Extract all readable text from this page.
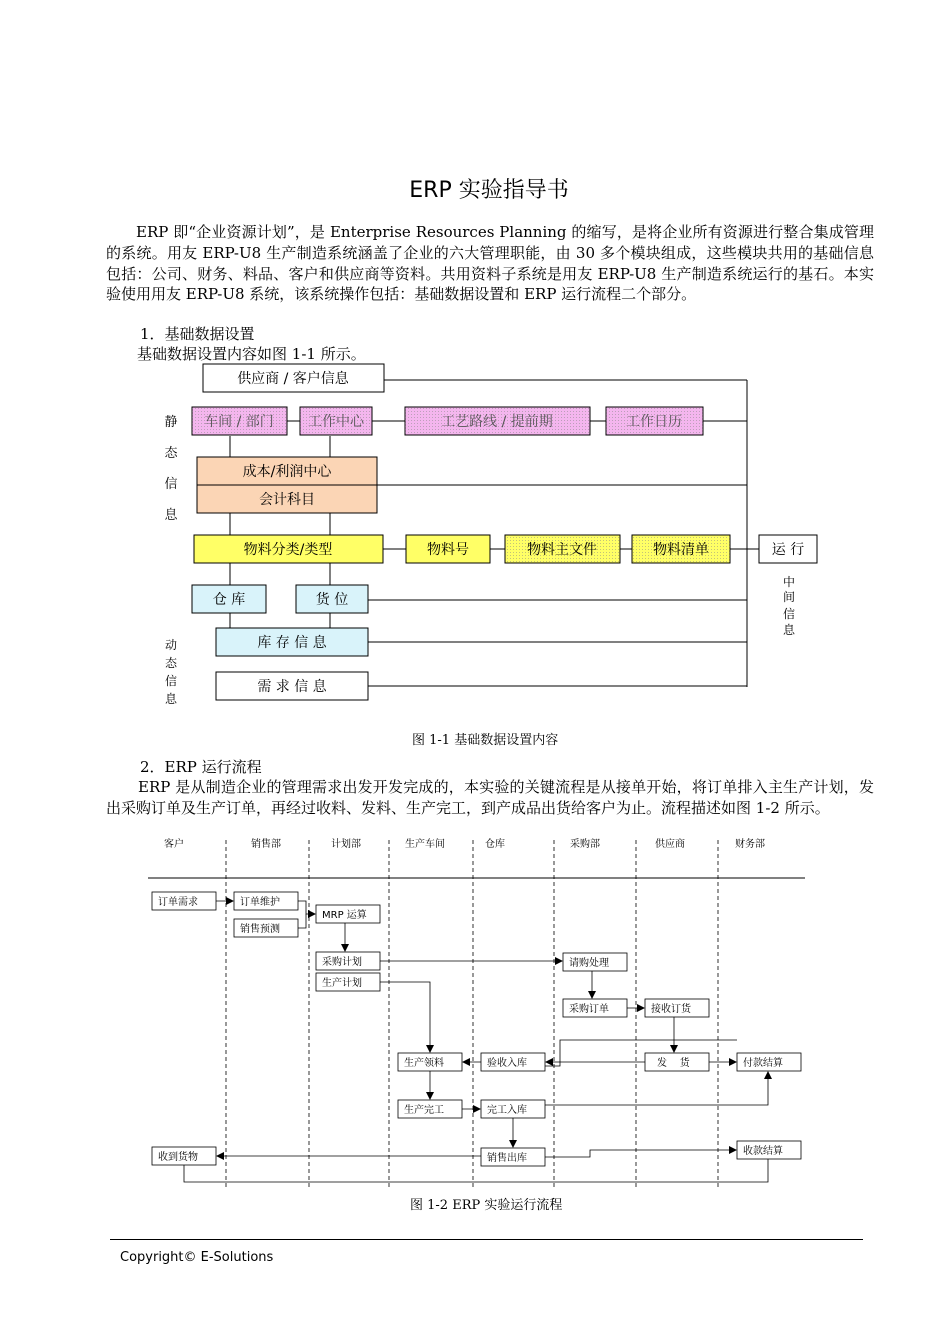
ERP 实验指导书
ERP 即“企业资源计划”，是 Enterprise Resources Planning 的缩写，是将企业所有资源进行整合集成管理的系统。用友 ERP-U8 生产制造系统涵盖了企业的六大管理职能，由 30 多个模块组成，这些模块共用的基础信息包括：公司、财务、料品、客户和供应商等资料。共用资料子系统是用友 ERP-U8 生产制造系统运行的基石。本实验使用用友 ERP-U8 系统，该系统操作包括：基础数据设置和 ERP 运行流程二个部分。
1．基础数据设置
基础数据设置内容如图 1-1 所示。
供应商 / 客户信息
车间 / 部门 工作中心	工艺路线 / 提前期	工作日历
成本/利润中心
会计科目
物料分类/类型	物料号	物料主文件	物料清单	运 行
仓 库	货 位
库 存 信 息
需 求 信 息
静
态
信
息
动
态
信
息
中
间
信
息
图 1-1 基础数据设置内容
2．ERP 运行流程
ERP 是从制造企业的管理需求出发开发完成的，本实验的关键流程是从接单开始，将订单排入主生产计划，发出采购订单及生产订单，再经过收料、发料、生产完工，到产成品出货给客户为止。流程描述如图 1-2 所示。
客户	销售部	计划部	生产车间	仓库	采购部	供应商	财务部
订单需求	订单维护
销售预测
MRP 运算
采购计划
生产计划
请购处理
采购订单	接收订货
生产领料	验收入库	发    货	付款结算
生产完工	完工入库
收到货物	销售出库
收款结算
图 1-2 ERP 实验运行流程
Copyright© E-Solutions
